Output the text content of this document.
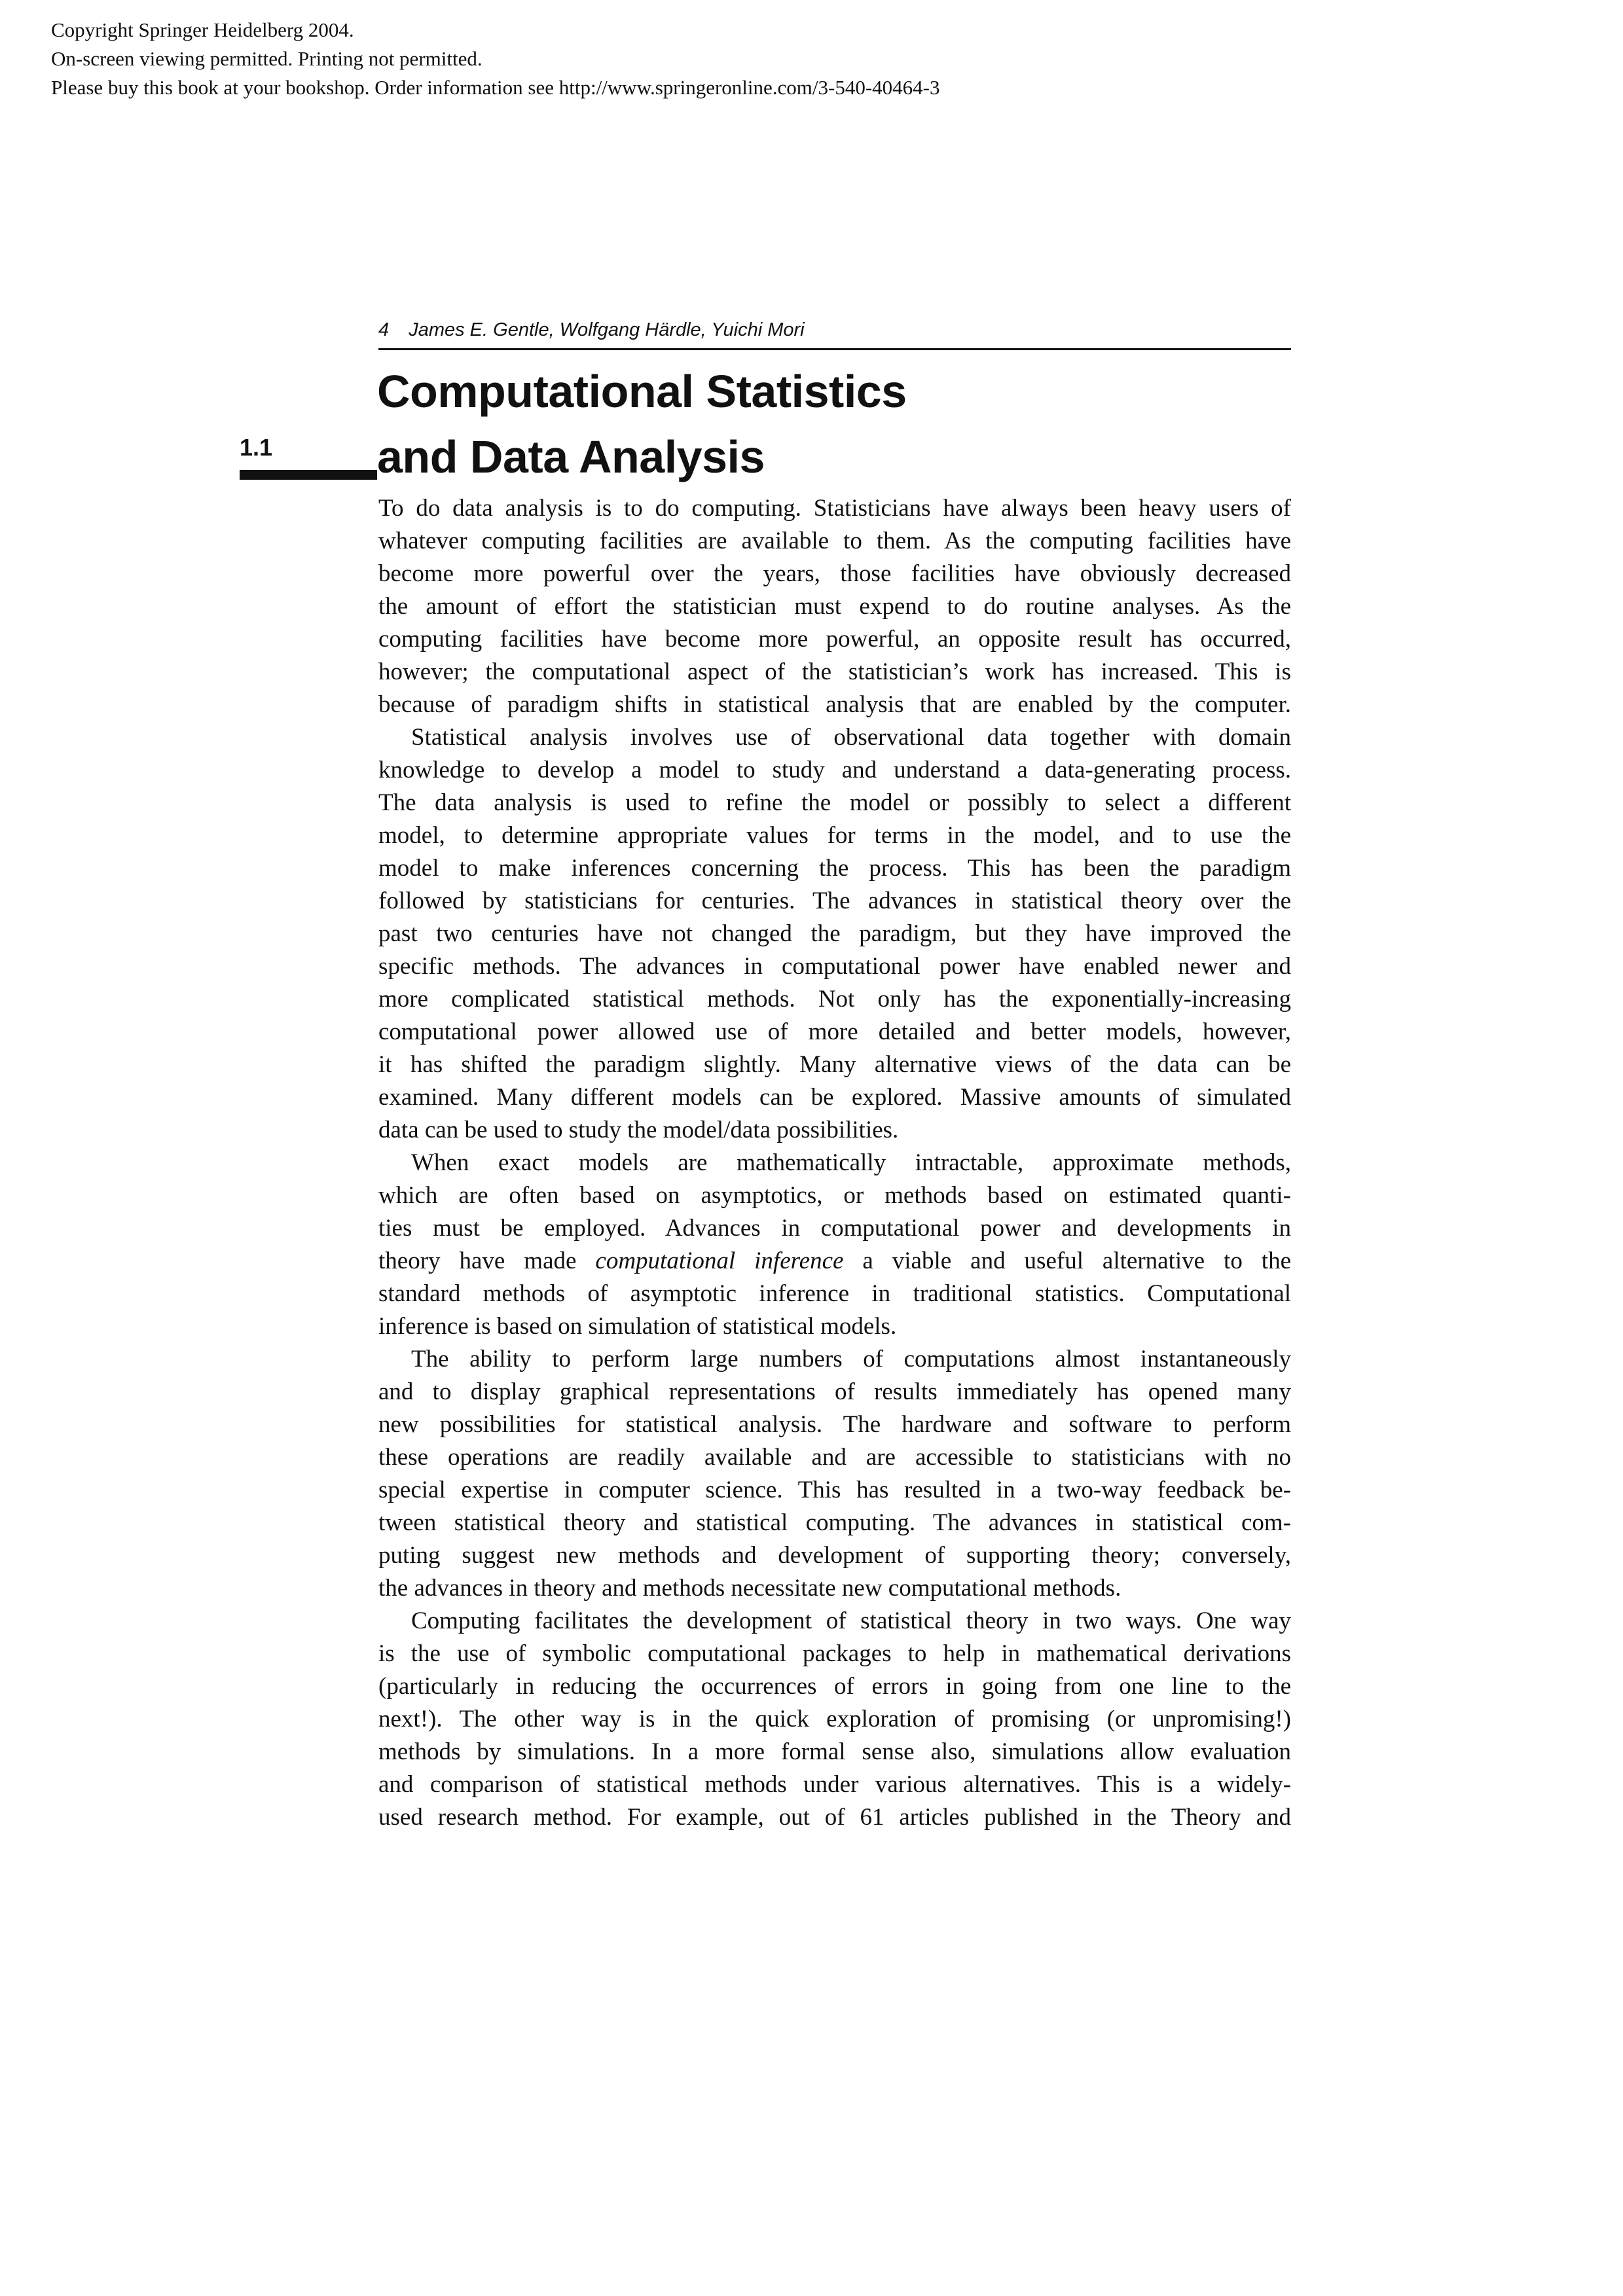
Copyright Springer Heidelberg 2004.
On-screen viewing permitted. Printing not permitted.
Please buy this book at your bookshop. Order information see http://www.springeronline.com/3-540-40464-3
4 James E. Gentle, Wolfgang Härdle, Yuichi Mori
1.1
Computational Statistics
and Data Analysis
To do data analysis is to do computing. Statisticians have always been heavy users of
whatever computing facilities are available to them. As the computing facilities have
become more powerful over the years, those facilities have obviously decreased
the amount of effort the statistician must expend to do routine analyses. As the
computing facilities have become more powerful, an opposite result has occurred,
however; the computational aspect of the statistician’s work has increased. This is
because of paradigm shifts in statistical analysis that are enabled by the computer.
Statistical analysis involves use of observational data together with domain
knowledge to develop a model to study and understand a data-generating process.
The data analysis is used to refine the model or possibly to select a different
model, to determine appropriate values for terms in the model, and to use the
model to make inferences concerning the process. This has been the paradigm
followed by statisticians for centuries. The advances in statistical theory over the
past two centuries have not changed the paradigm, but they have improved the
specific methods. The advances in computational power have enabled newer and
more complicated statistical methods. Not only has the exponentially-increasing
computational power allowed use of more detailed and better models, however,
it has shifted the paradigm slightly. Many alternative views of the data can be
examined. Many different models can be explored. Massive amounts of simulated
data can be used to study the model/data possibilities.
When exact models are mathematically intractable, approximate methods,
which are often based on asymptotics, or methods based on estimated quanti-
ties must be employed. Advances in computational power and developments in
theory have made computational inference a viable and useful alternative to the
standard methods of asymptotic inference in traditional statistics. Computational
inference is based on simulation of statistical models.
The ability to perform large numbers of computations almost instantaneously
and to display graphical representations of results immediately has opened many
new possibilities for statistical analysis. The hardware and software to perform
these operations are readily available and are accessible to statisticians with no
special expertise in computer science. This has resulted in a two-way feedback be-
tween statistical theory and statistical computing. The advances in statistical com-
puting suggest new methods and development of supporting theory; conversely,
the advances in theory and methods necessitate new computational methods.
Computing facilitates the development of statistical theory in two ways. One way
is the use of symbolic computational packages to help in mathematical derivations
(particularly in reducing the occurrences of errors in going from one line to the
next!). The other way is in the quick exploration of promising (or unpromising!)
methods by simulations. In a more formal sense also, simulations allow evaluation
and comparison of statistical methods under various alternatives. This is a widely-
used research method. For example, out of 61 articles published in the Theory and
